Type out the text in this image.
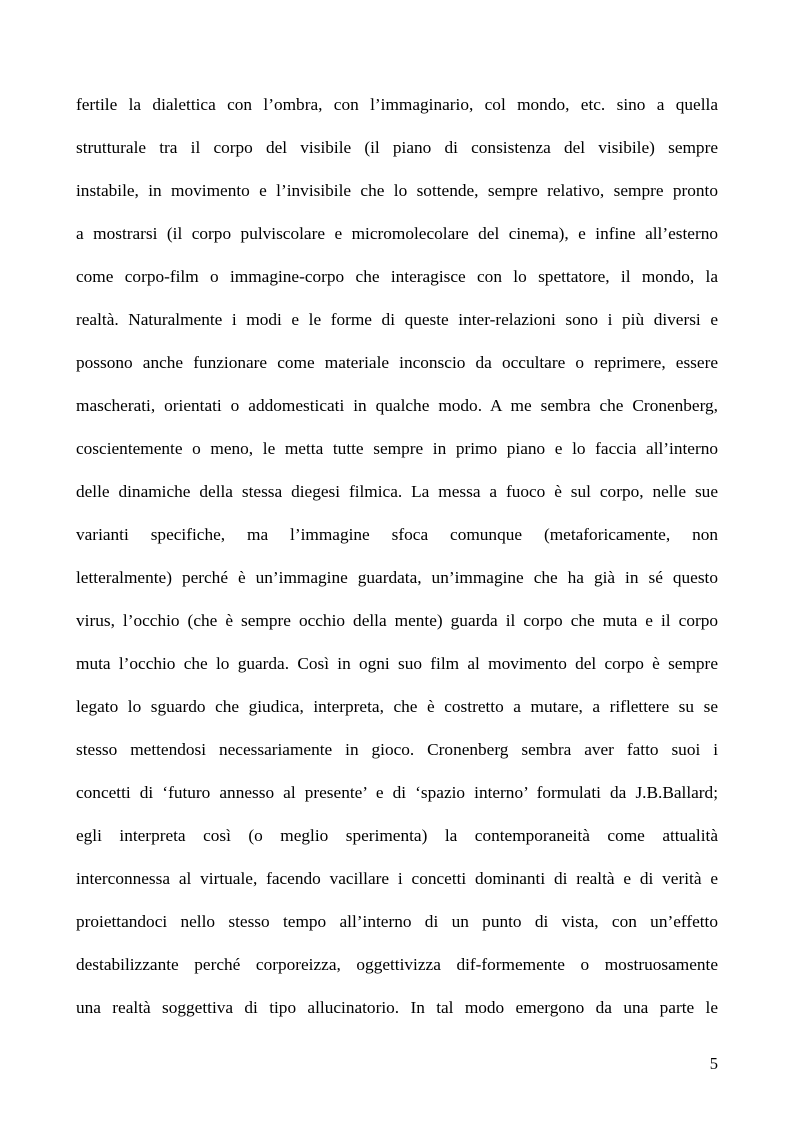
fertile la dialettica con l’ombra, con l’immaginario, col mondo, etc. sino a quella
strutturale tra il corpo del visibile (il piano di consistenza del visibile) sempre
instabile, in movimento e l’invisibile che lo sottende, sempre relativo, sempre pronto
a mostrarsi (il corpo pulviscolare e micromolecolare del cinema), e infine all’esterno
come corpo-film o immagine-corpo che interagisce con lo spettatore, il mondo, la
realtà. Naturalmente i modi e le forme di queste inter-relazioni sono i più diversi e
possono anche funzionare come materiale inconscio da occultare o reprimere, essere
mascherati, orientati o addomesticati in qualche modo. A me sembra che Cronenberg,
coscientemente o meno, le metta tutte sempre in primo piano e lo faccia all’interno
delle dinamiche della stessa diegesi filmica. La messa a fuoco è sul corpo, nelle sue
varianti specifiche, ma l’immagine sfoca comunque (metaforicamente, non
letteralmente) perché è un’immagine guardata, un’immagine che ha già in sé questo
virus, l’occhio (che è sempre occhio della mente) guarda il corpo che muta e il corpo
muta l’occhio che lo guarda. Così in ogni suo film al movimento del corpo è sempre
legato lo sguardo che giudica, interpreta, che è costretto a mutare, a riflettere su se
stesso mettendosi necessariamente in gioco. Cronenberg sembra aver fatto suoi i
concetti di ‘futuro annesso al presente’ e di ‘spazio interno’ formulati da J.B.Ballard;
egli interpreta così (o meglio sperimenta) la contemporaneità come attualità
interconnessa al virtuale, facendo vacillare i concetti dominanti di realtà e di verità e
proiettandoci nello stesso tempo all’interno di un punto di vista, con un’effetto
destabilizzante perché corporeizza, oggettivizza dif-formemente o mostruosamente
una realtà soggettiva di tipo allucinatorio. In tal modo emergono da una parte le
5
